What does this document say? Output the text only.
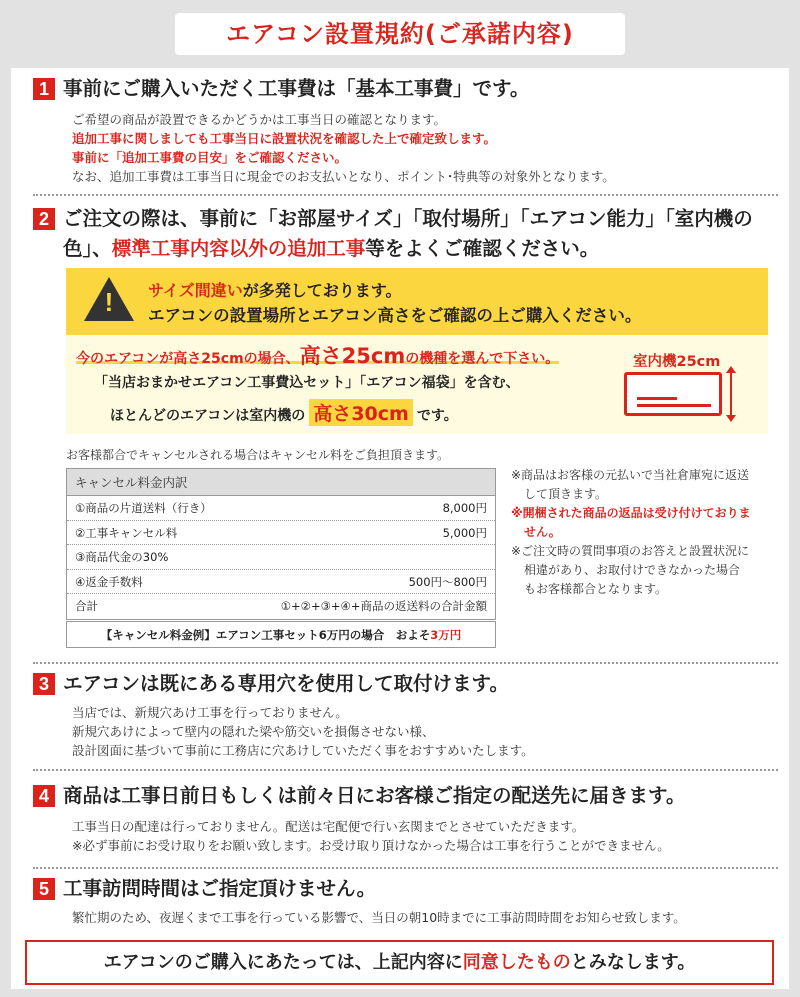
エアコン設置規約(ご承諾内容)
1 事前にご購入いただく工事費は「基本工事費」です。
ご希望の商品が設置できるかどうかは工事当日の確認となります。
追加工事に関しましても工事当日に設置状況を確認した上で確定致します。
事前に「追加工事費の目安」をご確認ください。
なお、追加工事費は工事当日に現金でのお支払いとなり、ポイント･特典等の対象外となります。
2 ご注文の際は、事前に「お部屋サイズ」「取付場所」「エアコン能力」「室内機の色」、標準工事内容以外の追加工事等をよくご確認ください。
! サイズ間違いが多発しております。
エアコンの設置場所とエアコン高さをご確認の上ご購入ください。
今のエアコンが高さ25cmの場合、高さ25cmの機種を選んで下さい。
「当店おまかせエアコン工事費込セット」「エアコン福袋」を含む、
ほとんどのエアコンは室内機の 高さ30cm です。
室内機25cm
お客様都合でキャンセルされる場合はキャンセル料をご負担頂きます。
キャンセル料金内訳
①商品の片道送料（行き）	8,000円
②工事キャンセル料	5,000円
③商品代金の30%
④返金手数料	500円～800円
合計	①+②+③+④+商品の返送料の合計金額
【キャンセル料金例】エアコン工事セット6万円の場合　およそ3万円

※商品はお客様の元払いで当社倉庫宛に返送して頂きます。

※開梱された商品の返品は受け付けておりません。

※ご注文時の質問事項のお答えと設置状況に相違があり、お取付けできなかった場合もお客様都合となります。

3 エアコンは既にある専用穴を使用して取付けます。
当店では、新規穴あけ工事を行っておりません。
新規穴あけによって壁内の隠れた梁や筋交いを損傷させない様、
設計図面に基づいて事前に工務店に穴あけしていただく事をおすすめいたします。
4 商品は工事日前日もしくは前々日にお客様ご指定の配送先に届きます。
工事当日の配達は行っておりません。配送は宅配便で行い玄関までとさせていただきます。
※必ず事前にお受け取りをお願い致します。お受け取り頂けなかった場合は工事を行うことができません。
5 工事訪問時間はご指定頂けません。
繁忙期のため、夜遅くまで工事を行っている影響で、当日の朝10時までに工事訪問時間をお知らせ致します。
エアコンのご購入にあたっては、上記内容に同意したものとみなします。
